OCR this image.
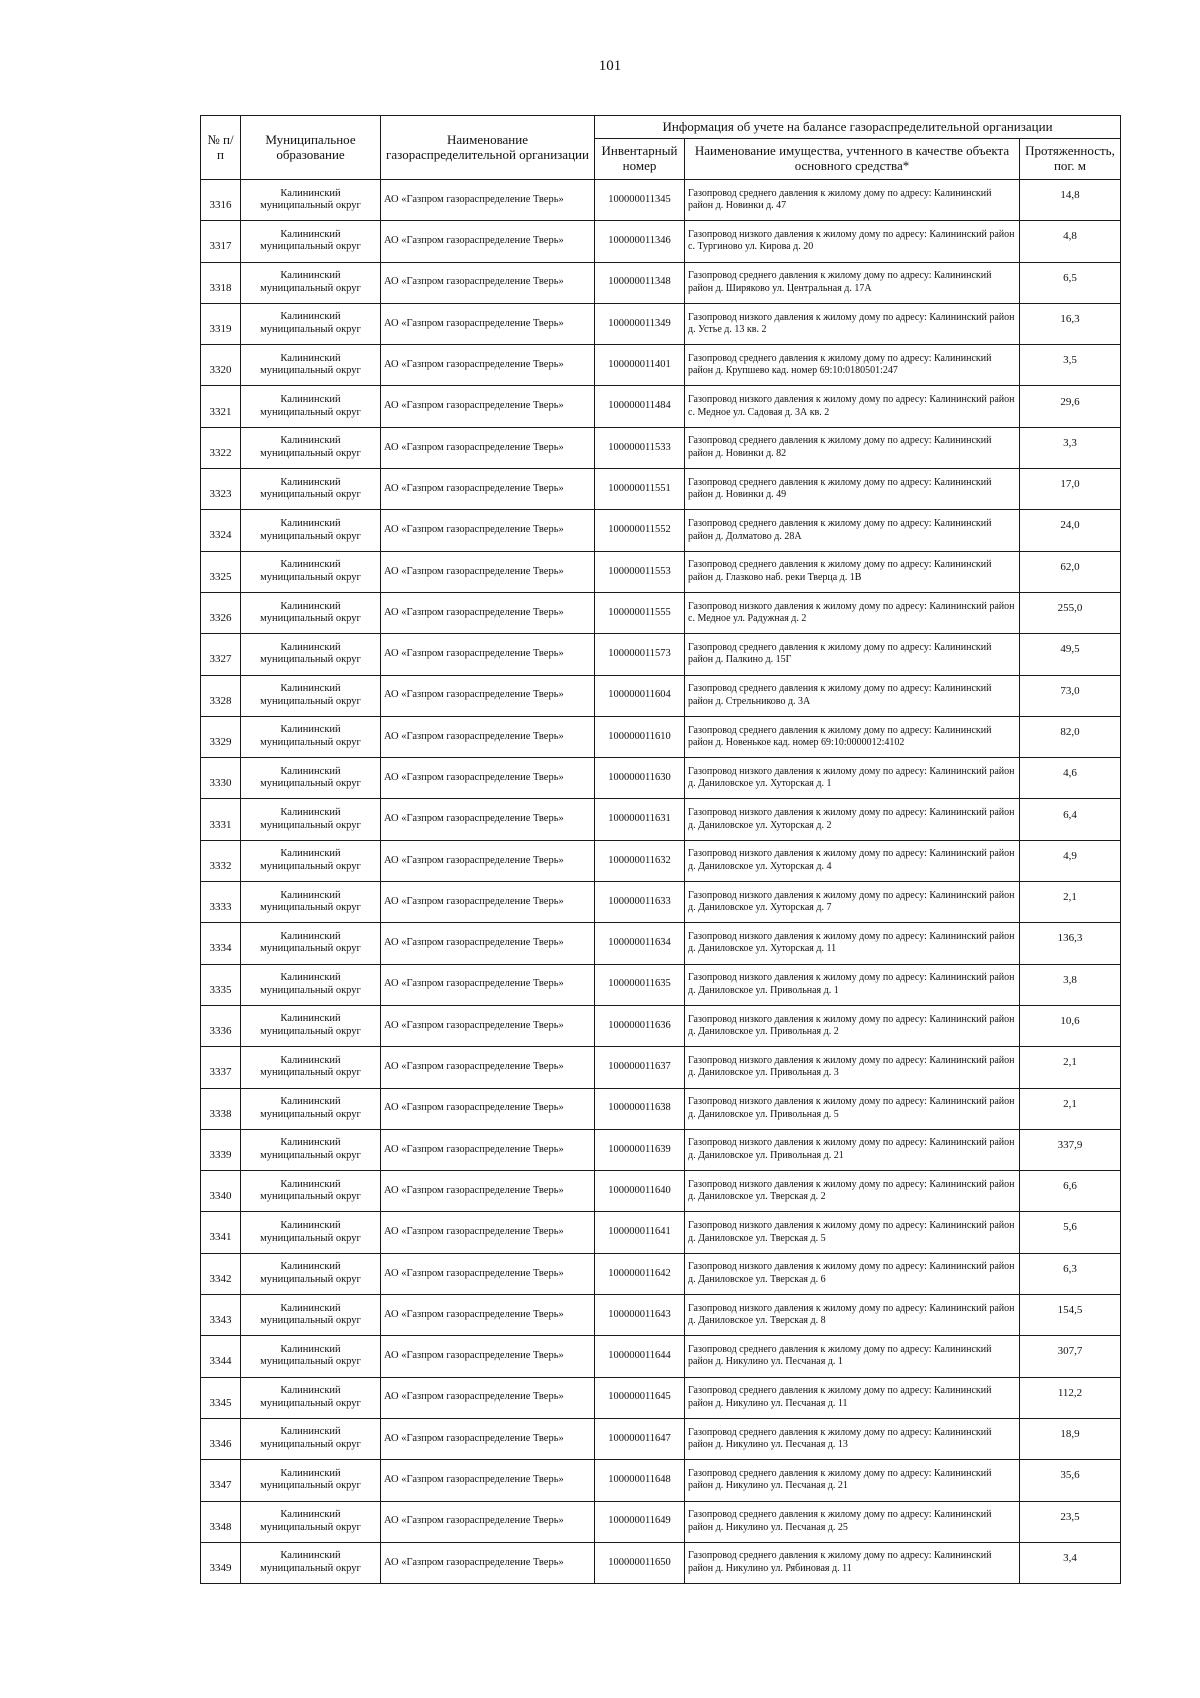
101
№ п/п	Муниципальное образование	Наименование газораспределительной организации	Информация об учете на балансе газораспределительной организации		
			Инвентарный номер	Наименование имущества, учтенного в качестве объекта основного средства*	Протяженность, пог. м
3316	Калининский муниципальный округ	АО «Газпром газораспределение Тверь»	100000011345	Газопровод среднего давления к жилому дому по адресу: Калининский район д. Новинки д. 47	14,8
3317	Калининский муниципальный округ	АО «Газпром газораспределение Тверь»	100000011346	Газопровод низкого давления к жилому дому по адресу: Калининский район с. Тургиново ул. Кирова д. 20	4,8
3318	Калининский муниципальный округ	АО «Газпром газораспределение Тверь»	100000011348	Газопровод среднего давления к жилому дому по адресу: Калининский район д. Ширяково ул. Центральная д. 17А	6,5
3319	Калининский муниципальный округ	АО «Газпром газораспределение Тверь»	100000011349	Газопровод низкого давления к жилому дому по адресу: Калининский район д. Устье д. 13 кв. 2	16,3
3320	Калининский муниципальный округ	АО «Газпром газораспределение Тверь»	100000011401	Газопровод среднего давления к жилому дому по адресу: Калининский район д. Крупшево кад. номер 69:10:0180501:247	3,5
3321	Калининский муниципальный округ	АО «Газпром газораспределение Тверь»	100000011484	Газопровод низкого давления к жилому дому по адресу: Калининский район с. Медное ул. Садовая д. 3А кв. 2	29,6
3322	Калининский муниципальный округ	АО «Газпром газораспределение Тверь»	100000011533	Газопровод среднего давления к жилому дому по адресу: Калининский район д. Новинки д. 82	3,3
3323	Калининский муниципальный округ	АО «Газпром газораспределение Тверь»	100000011551	Газопровод среднего давления к жилому дому по адресу: Калининский район д. Новинки д. 49	17,0
3324	Калининский муниципальный округ	АО «Газпром газораспределение Тверь»	100000011552	Газопровод среднего давления к жилому дому по адресу: Калининский район д. Долматово д. 28А	24,0
3325	Калининский муниципальный округ	АО «Газпром газораспределение Тверь»	100000011553	Газопровод среднего давления к жилому дому по адресу: Калининский район д. Глазково наб. реки Тверца д. 1В	62,0
3326	Калининский муниципальный округ	АО «Газпром газораспределение Тверь»	100000011555	Газопровод низкого давления к жилому дому по адресу: Калининский район с. Медное ул. Радужная д. 2	255,0
3327	Калининский муниципальный округ	АО «Газпром газораспределение Тверь»	100000011573	Газопровод среднего давления к жилому дому по адресу: Калининский район д. Палкино д. 15Г	49,5
3328	Калининский муниципальный округ	АО «Газпром газораспределение Тверь»	100000011604	Газопровод среднего давления к жилому дому по адресу: Калининский район д. Стрельниково д. 3А	73,0
3329	Калининский муниципальный округ	АО «Газпром газораспределение Тверь»	100000011610	Газопровод среднего давления к жилому дому по адресу: Калининский район д. Новенькое кад. номер 69:10:0000012:4102	82,0
3330	Калининский муниципальный округ	АО «Газпром газораспределение Тверь»	100000011630	Газопровод низкого давления к жилому дому по адресу: Калининский район д. Даниловское ул. Хуторская д. 1	4,6
3331	Калининский муниципальный округ	АО «Газпром газораспределение Тверь»	100000011631	Газопровод низкого давления к жилому дому по адресу: Калининский район д. Даниловское ул. Хуторская д. 2	6,4
3332	Калининский муниципальный округ	АО «Газпром газораспределение Тверь»	100000011632	Газопровод низкого давления к жилому дому по адресу: Калининский район д. Даниловское ул. Хуторская д. 4	4,9
3333	Калининский муниципальный округ	АО «Газпром газораспределение Тверь»	100000011633	Газопровод низкого давления к жилому дому по адресу: Калининский район д. Даниловское ул. Хуторская д. 7	2,1
3334	Калининский муниципальный округ	АО «Газпром газораспределение Тверь»	100000011634	Газопровод низкого давления к жилому дому по адресу: Калининский район д. Даниловское ул. Хуторская д. 11	136,3
3335	Калининский муниципальный округ	АО «Газпром газораспределение Тверь»	100000011635	Газопровод низкого давления к жилому дому по адресу: Калининский район д. Даниловское ул. Привольная д. 1	3,8
3336	Калининский муниципальный округ	АО «Газпром газораспределение Тверь»	100000011636	Газопровод низкого давления к жилому дому по адресу: Калининский район д. Даниловское ул. Привольная д. 2	10,6
3337	Калининский муниципальный округ	АО «Газпром газораспределение Тверь»	100000011637	Газопровод низкого давления к жилому дому по адресу: Калининский район д. Даниловское ул. Привольная д. 3	2,1
3338	Калининский муниципальный округ	АО «Газпром газораспределение Тверь»	100000011638	Газопровод низкого давления к жилому дому по адресу: Калининский район д. Даниловское ул. Привольная д. 5	2,1
3339	Калининский муниципальный округ	АО «Газпром газораспределение Тверь»	100000011639	Газопровод низкого давления к жилому дому по адресу: Калининский район д. Даниловское ул. Привольная д. 21	337,9
3340	Калининский муниципальный округ	АО «Газпром газораспределение Тверь»	100000011640	Газопровод низкого давления к жилому дому по адресу: Калининский район д. Даниловское ул. Тверская д. 2	6,6
3341	Калининский муниципальный округ	АО «Газпром газораспределение Тверь»	100000011641	Газопровод низкого давления к жилому дому по адресу: Калининский район д. Даниловское ул. Тверская д. 5	5,6
3342	Калининский муниципальный округ	АО «Газпром газораспределение Тверь»	100000011642	Газопровод низкого давления к жилому дому по адресу: Калининский район д. Даниловское ул. Тверская д. 6	6,3
3343	Калининский муниципальный округ	АО «Газпром газораспределение Тверь»	100000011643	Газопровод низкого давления к жилому дому по адресу: Калининский район д. Даниловское ул. Тверская д. 8	154,5
3344	Калининский муниципальный округ	АО «Газпром газораспределение Тверь»	100000011644	Газопровод среднего давления к жилому дому по адресу: Калининский район д. Никулино ул. Песчаная д. 1	307,7
3345	Калининский муниципальный округ	АО «Газпром газораспределение Тверь»	100000011645	Газопровод среднего давления к жилому дому по адресу: Калининский район д. Никулино ул. Песчаная д. 11	112,2
3346	Калининский муниципальный округ	АО «Газпром газораспределение Тверь»	100000011647	Газопровод среднего давления к жилому дому по адресу: Калининский район д. Никулино ул. Песчаная д. 13	18,9
3347	Калининский муниципальный округ	АО «Газпром газораспределение Тверь»	100000011648	Газопровод среднего давления к жилому дому по адресу: Калининский район д. Никулино ул. Песчаная д. 21	35,6
3348	Калининский муниципальный округ	АО «Газпром газораспределение Тверь»	100000011649	Газопровод среднего давления к жилому дому по адресу: Калининский район д. Никулино ул. Песчаная д. 25	23,5
3349	Калининский муниципальный округ	АО «Газпром газораспределение Тверь»	100000011650	Газопровод среднего давления к жилому дому по адресу: Калининский район д. Никулино ул. Рябиновая д. 11	3,4
